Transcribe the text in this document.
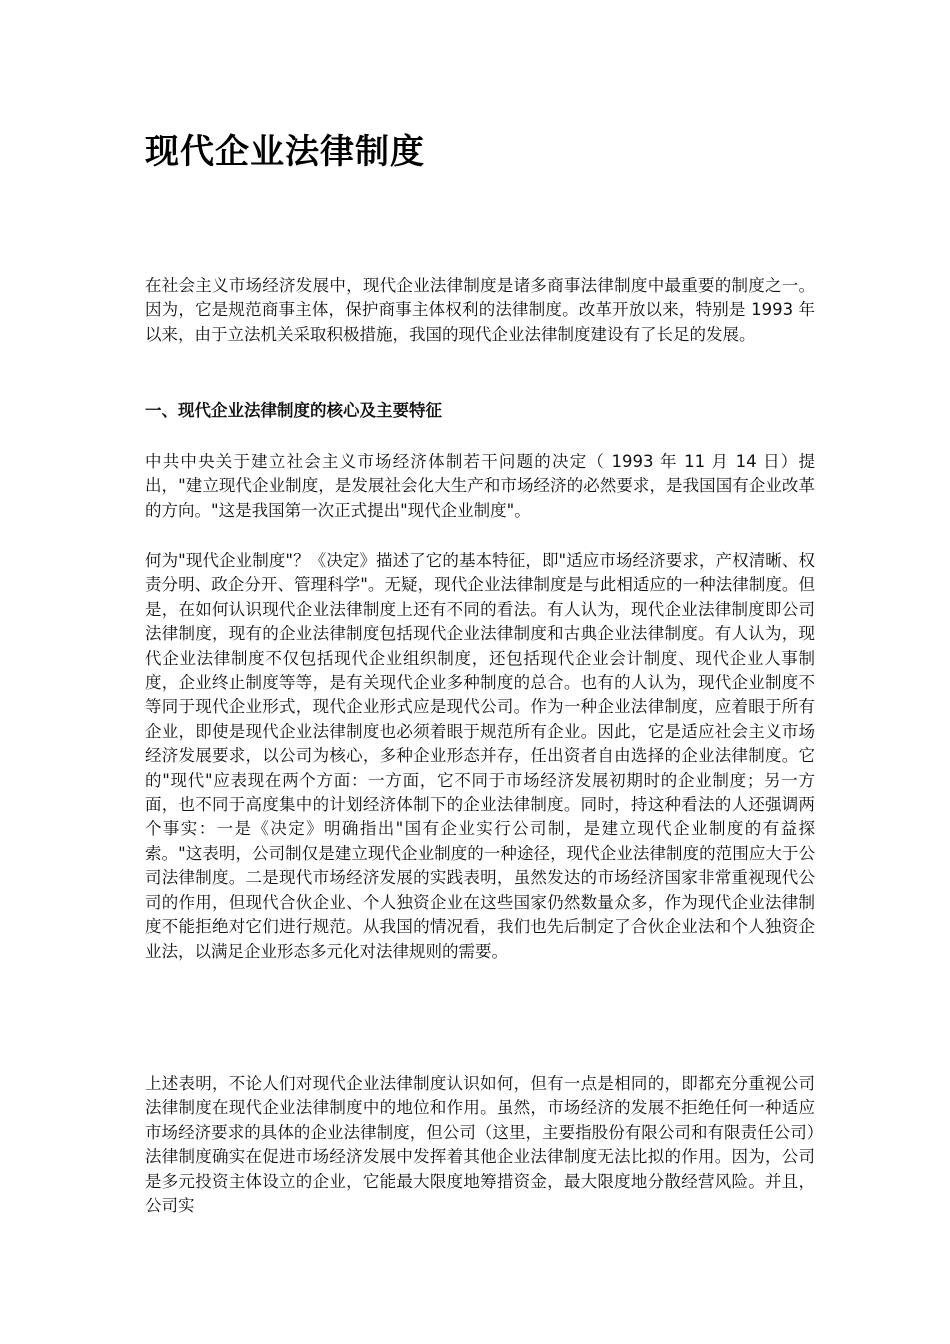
现代企业法律制度

在社会主义市场经济发展中，现代企业法律制度是诸多商事法律制度中最重要的制度之一。因为，它是规范商事主体，保护商事主体权利的法律制度。改革开放以来，特别是 1993 年以来，由于立法机关采取积极措施，我国的现代企业法律制度建设有了长足的发展。

一、现代企业法律制度的核心及主要特征

中共中央关于建立社会主义市场经济体制若干问题的决定（ 1993 年 11 月 14 日）提出，"建立现代企业制度，是发展社会化大生产和市场经济的必然要求，是我国国有企业改革的方向。"这是我国第一次正式提出"现代企业制度"。

何为"现代企业制度"？《决定》描述了它的基本特征，即"适应市场经济要求，产权清晰、权责分明、政企分开、管理科学"。无疑，现代企业法律制度是与此相适应的一种法律制度。但是，在如何认识现代企业法律制度上还有不同的看法。有人认为，现代企业法律制度即公司法律制度，现有的企业法律制度包括现代企业法律制度和古典企业法律制度。有人认为，现代企业法律制度不仅包括现代企业组织制度，还包括现代企业会计制度、现代企业人事制度，企业终止制度等等，是有关现代企业多种制度的总合。也有的人认为，现代企业制度不等同于现代企业形式，现代企业形式应是现代公司。作为一种企业法律制度，应着眼于所有企业，即使是现代企业法律制度也必须着眼于规范所有企业。因此，它是适应社会主义市场经济发展要求，以公司为核心，多种企业形态并存，任出资者自由选择的企业法律制度。它的"现代"应表现在两个方面：一方面，它不同于市场经济发展初期时的企业制度；另一方面，也不同于高度集中的计划经济体制下的企业法律制度。同时，持这种看法的人还强调两个事实：一是《决定》明确指出"国有企业实行公司制，是建立现代企业制度的有益探索。"这表明，公司制仅是建立现代企业制度的一种途径，现代企业法律制度的范围应大于公司法律制度。二是现代市场经济发展的实践表明，虽然发达的市场经济国家非常重视现代公司的作用，但现代合伙企业、个人独资企业在这些国家仍然数量众多，作为现代企业法律制度不能拒绝对它们进行规范。从我国的情况看，我们也先后制定了合伙企业法和个人独资企业法，以满足企业形态多元化对法律规则的需要。

上述表明，不论人们对现代企业法律制度认识如何，但有一点是相同的，即都充分重视公司法律制度在现代企业法律制度中的地位和作用。虽然，市场经济的发展不拒绝任何一种适应市场经济要求的具体的企业法律制度，但公司（这里，主要指股份有限公司和有限责任公司）法律制度确实在促进市场经济发展中发挥着其他企业法律制度无法比拟的作用。因为，公司是多元投资主体设立的企业，它能最大限度地筹措资金，最大限度地分散经营风险。并且，公司实
